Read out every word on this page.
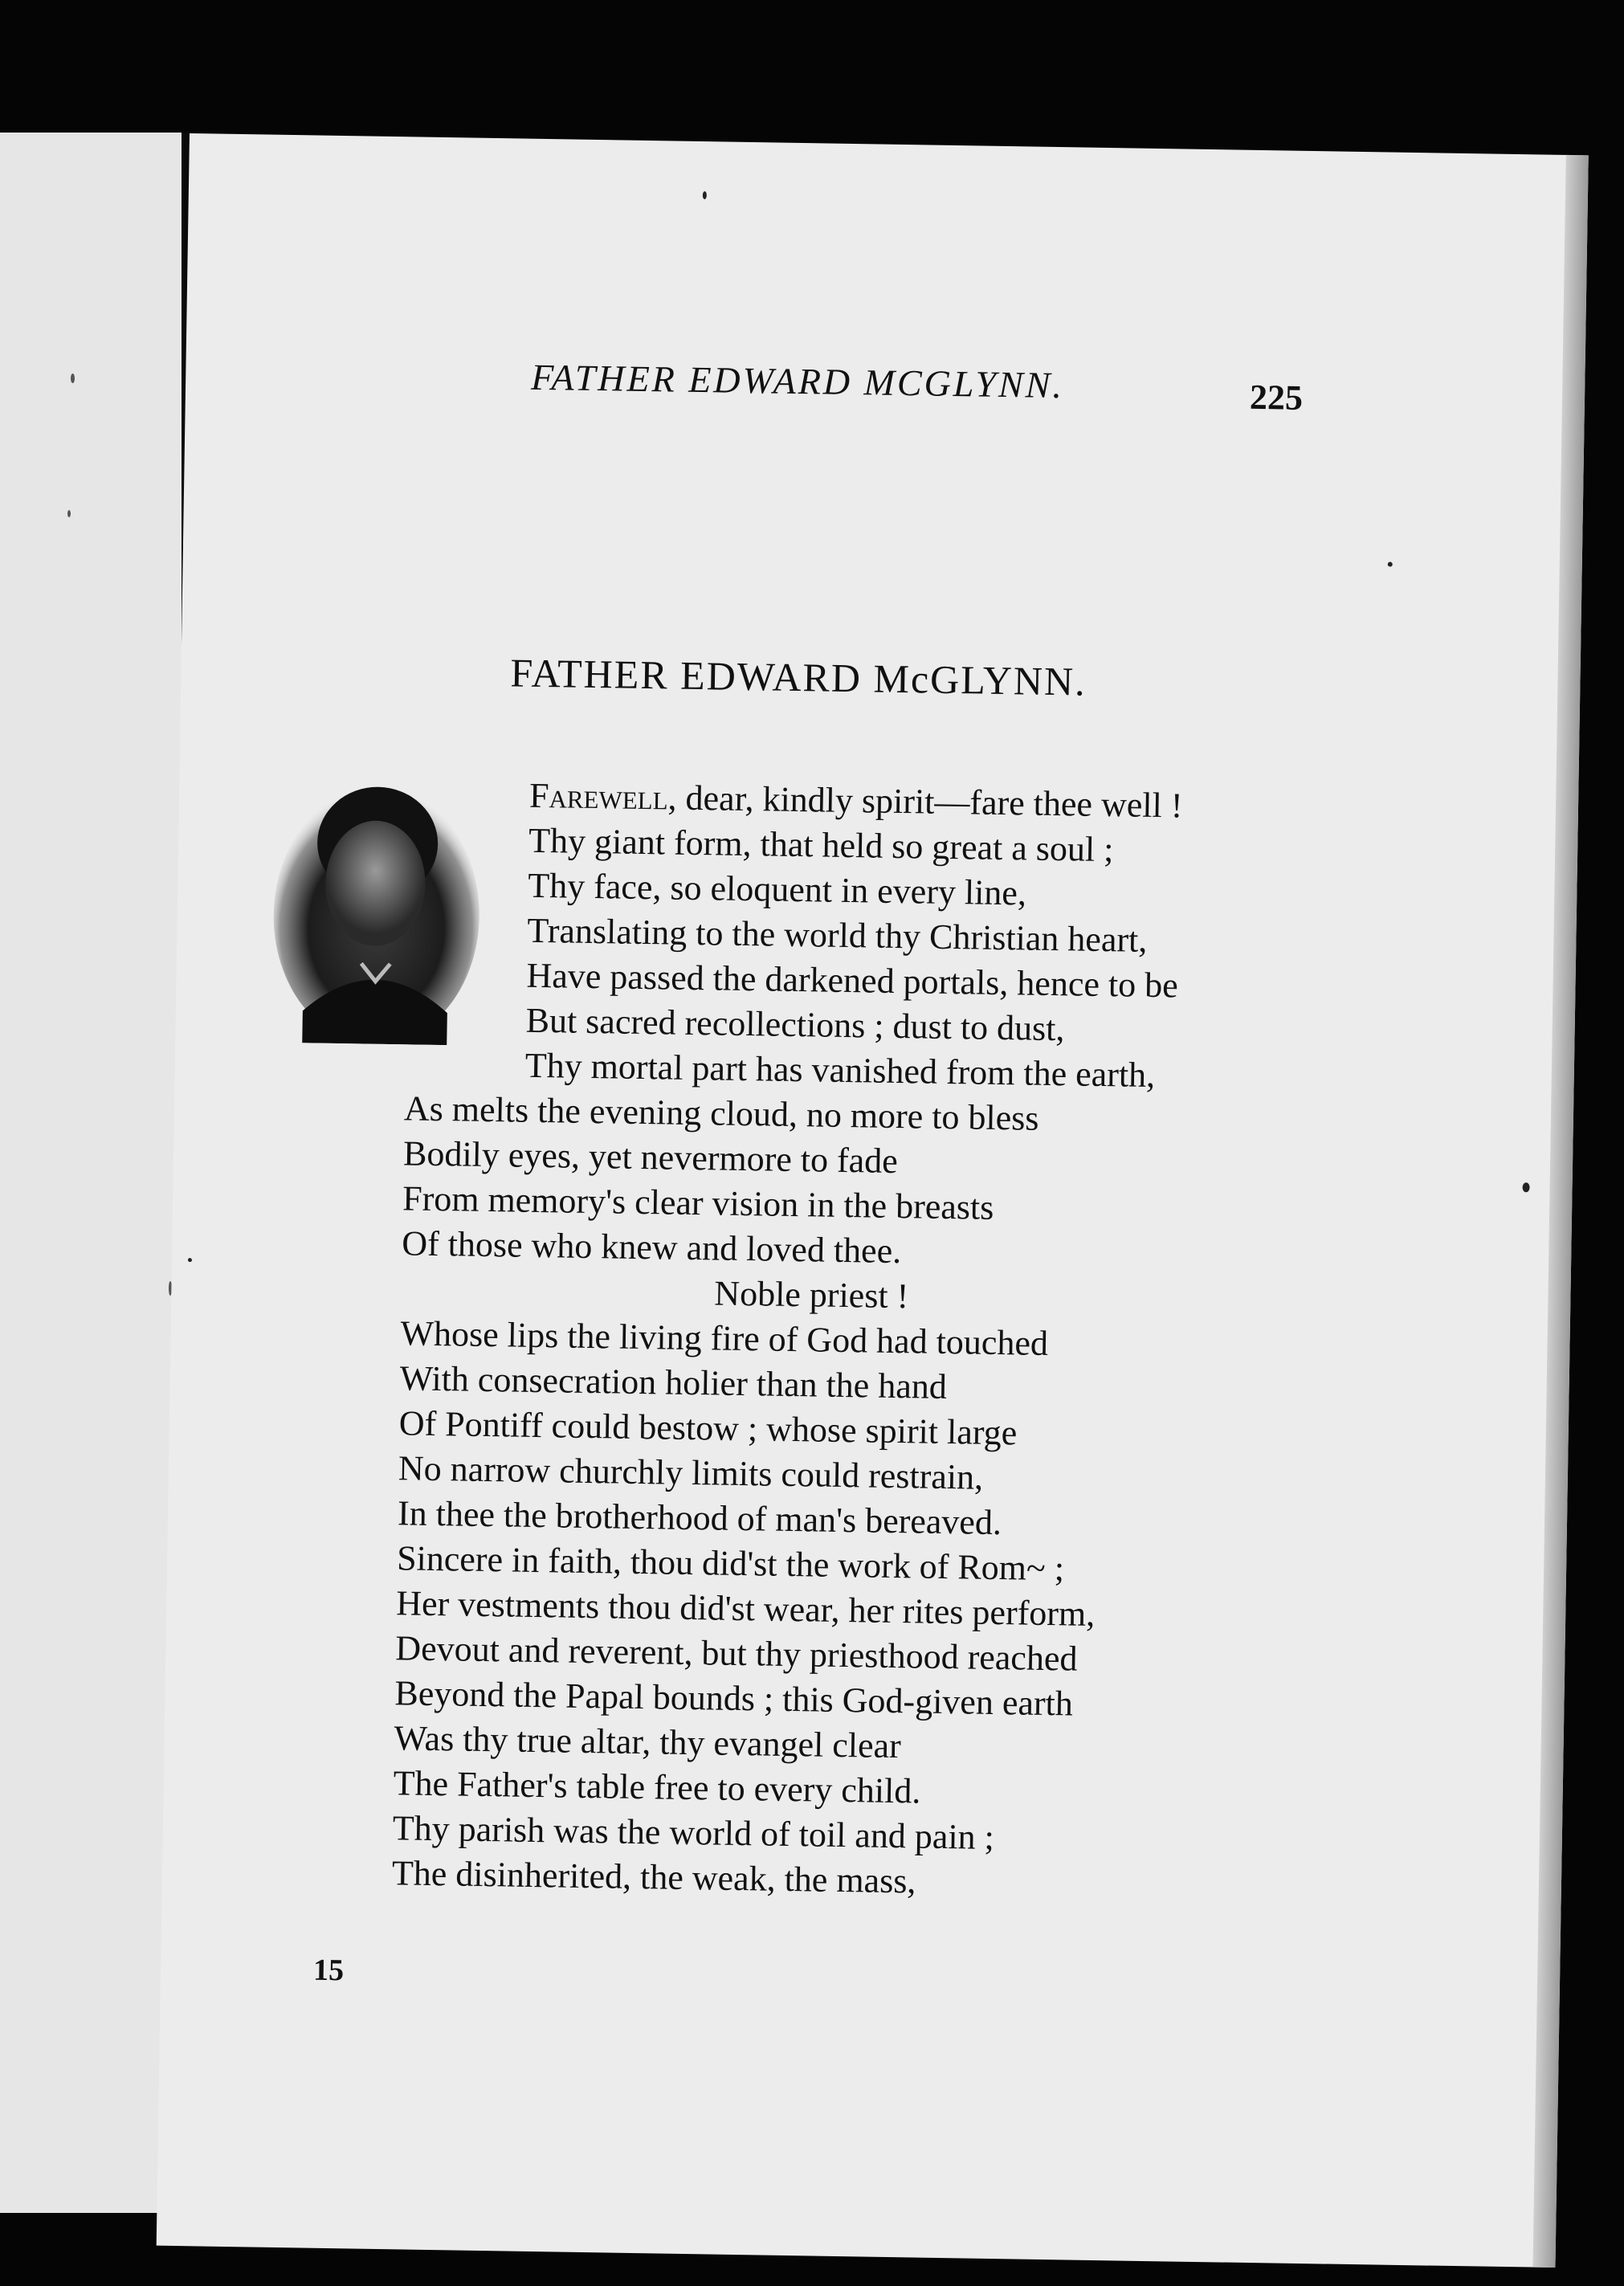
FATHER EDWARD MCGLYNN.	225
FATHER EDWARD McGLYNN.
Farewell, dear, kindly spirit—fare thee well !
Thy giant form, that held so great a soul ;
Thy face, so eloquent in every line,
Translating to the world thy Christian heart,
Have passed the darkened portals, hence to be
But sacred recollections ; dust to dust,
Thy mortal part has vanished from the earth,
As melts the evening cloud, no more to bless
Bodily eyes, yet nevermore to fade
From memory's clear vision in the breasts
Of those who knew and loved thee.
Noble priest !
Whose lips the living fire of God had touched
With consecration holier than the hand
Of Pontiff could bestow ; whose spirit large
No narrow churchly limits could restrain,
In thee the brotherhood of man's bereaved.
Sincere in faith, thou did'st the work of Rom~ ;
Her vestments thou did'st wear, her rites perform,
Devout and reverent, but thy priesthood reached
Beyond the Papal bounds ; this God-given earth
Was thy true altar, thy evangel clear
The Father's table free to every child.
Thy parish was the world of toil and pain ;
The disinherited, the weak, the mass,
15
